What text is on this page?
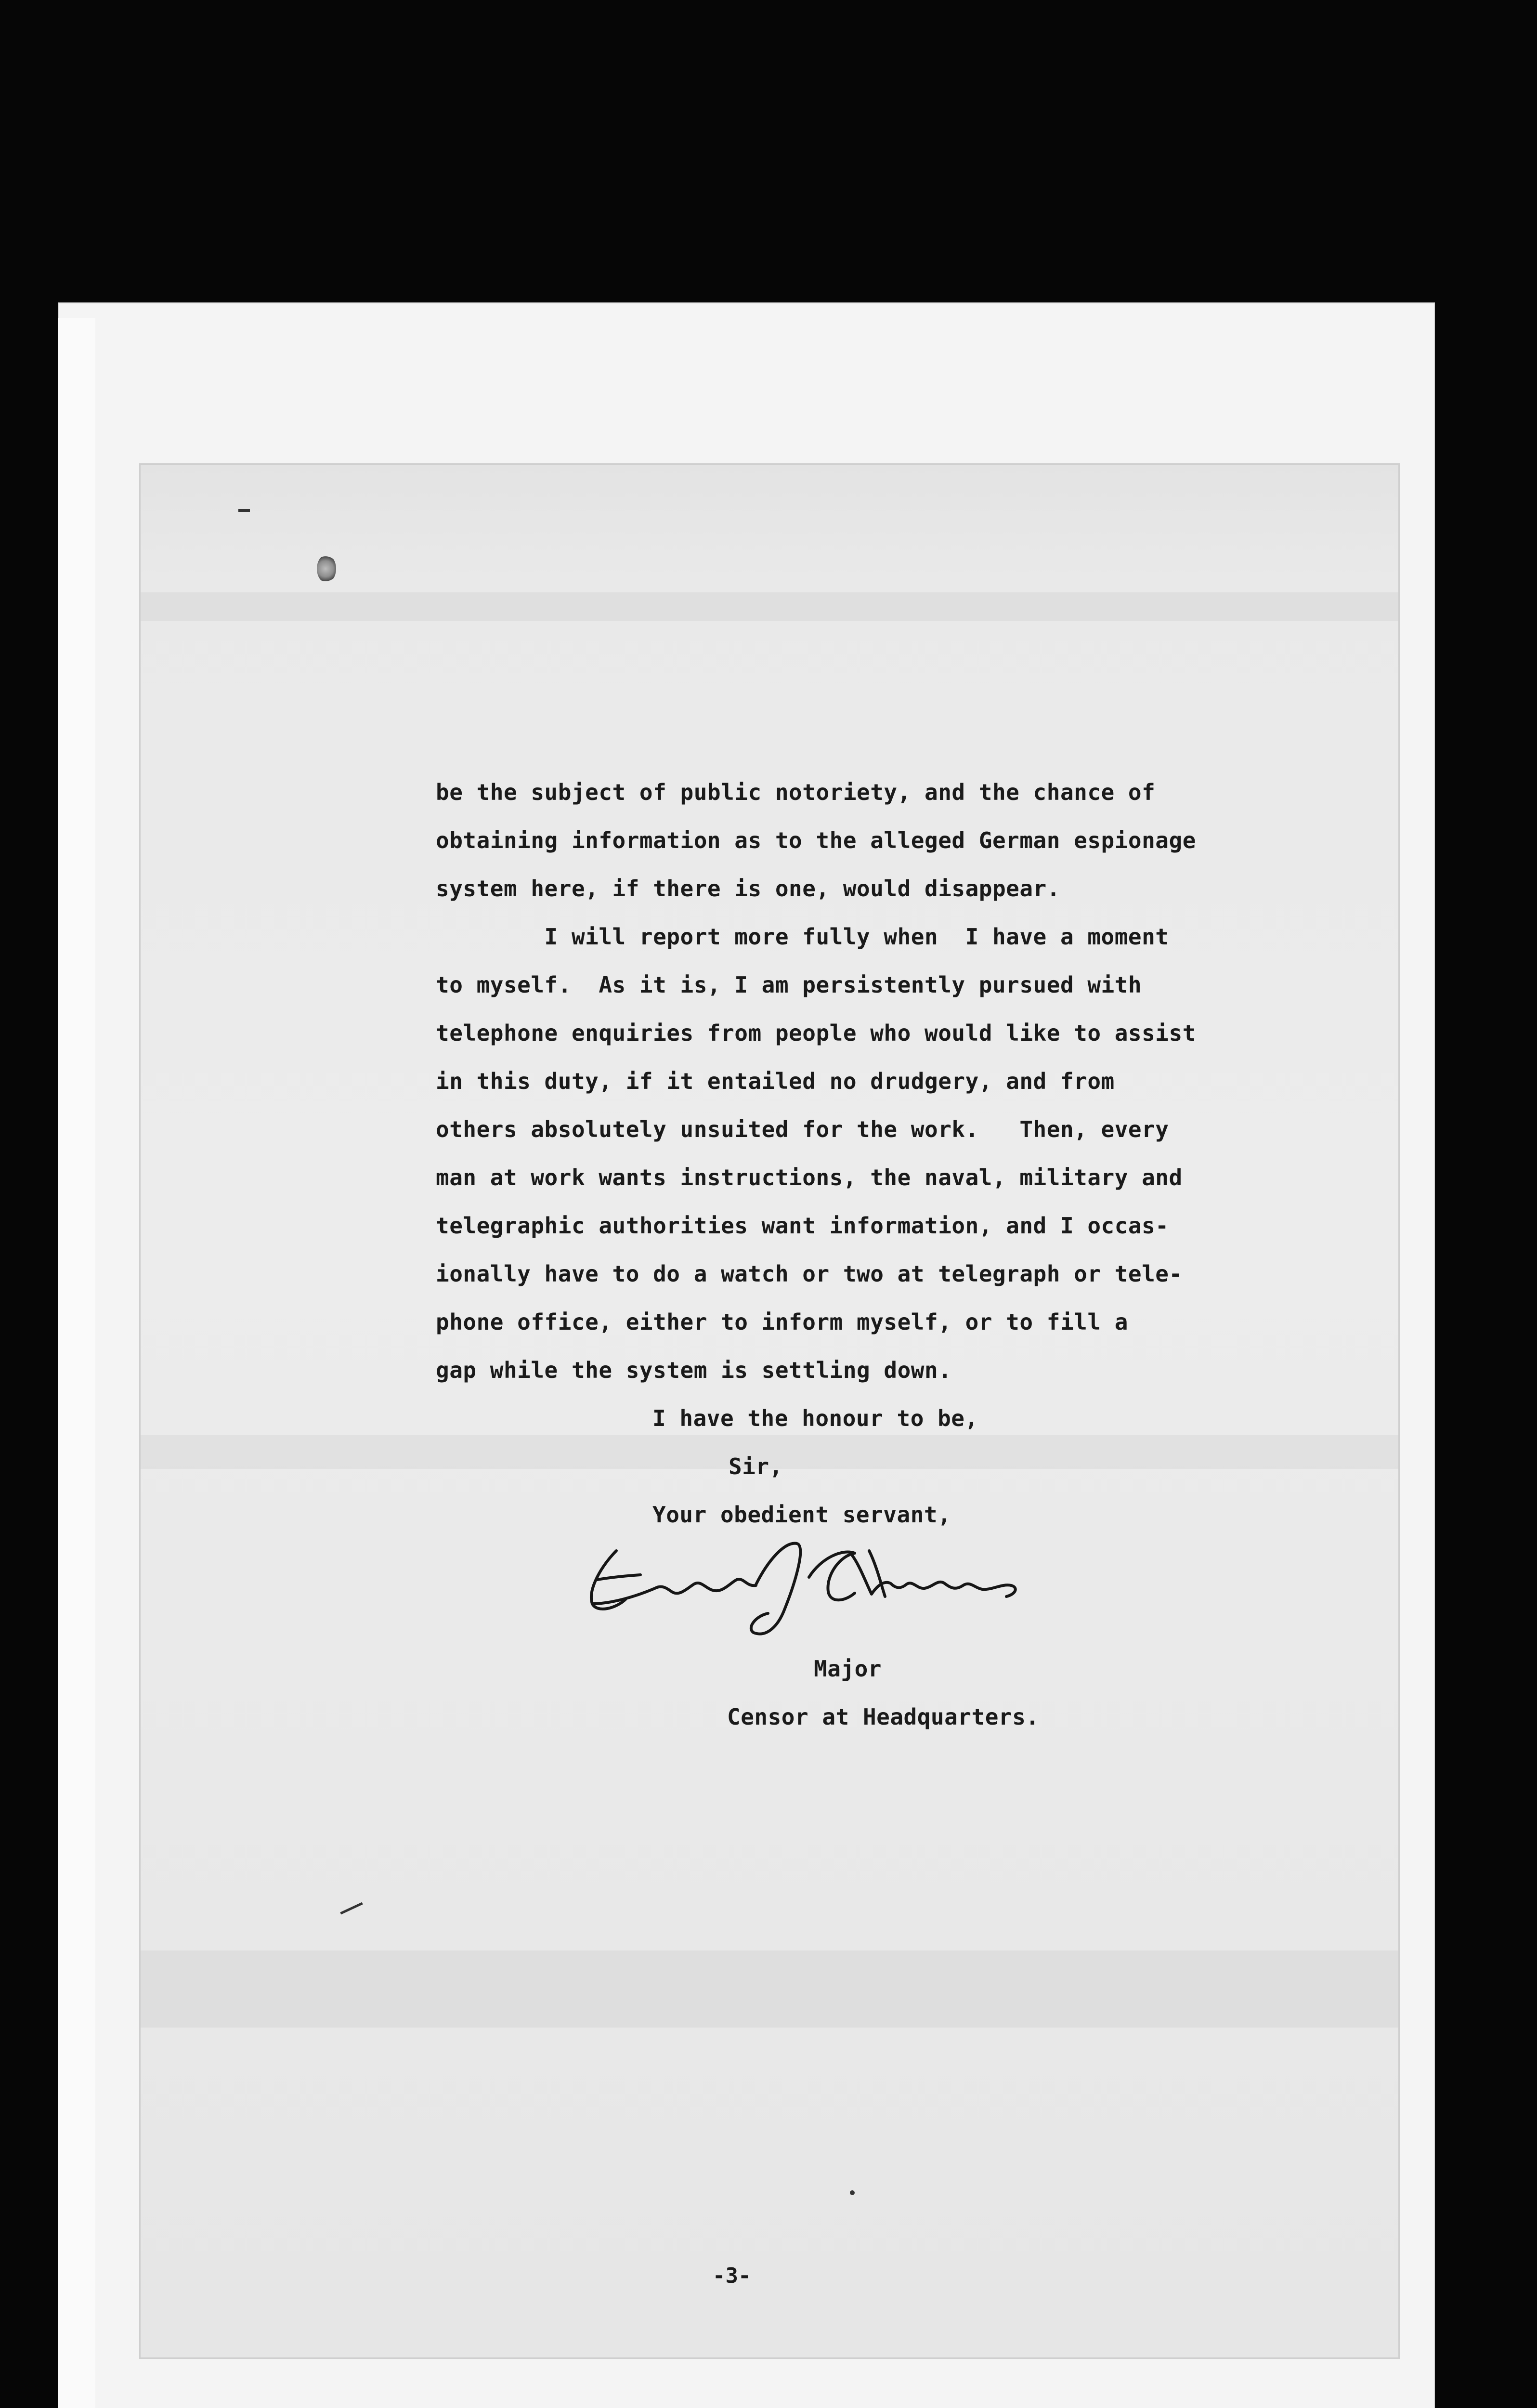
be the subject of public notoriety, and the chance of
obtaining information as to the alleged German espionage
system here, if there is one, would disappear.
I will report more fully when  I have a moment
to myself.  As it is, I am persistently pursued with
telephone enquiries from people who would like to assist
in this duty, if it entailed no drudgery, and from
others absolutely unsuited for the work.   Then, every
man at work wants instructions, the naval, military and
telegraphic authorities want information, and I occas-
ionally have to do a watch or two at telegraph or tele-
phone office, either to inform myself, or to fill a
gap while the system is settling down.
I have the honour to be,
Sir,
Your obedient servant,
Major
Censor at Headquarters.
-3-
